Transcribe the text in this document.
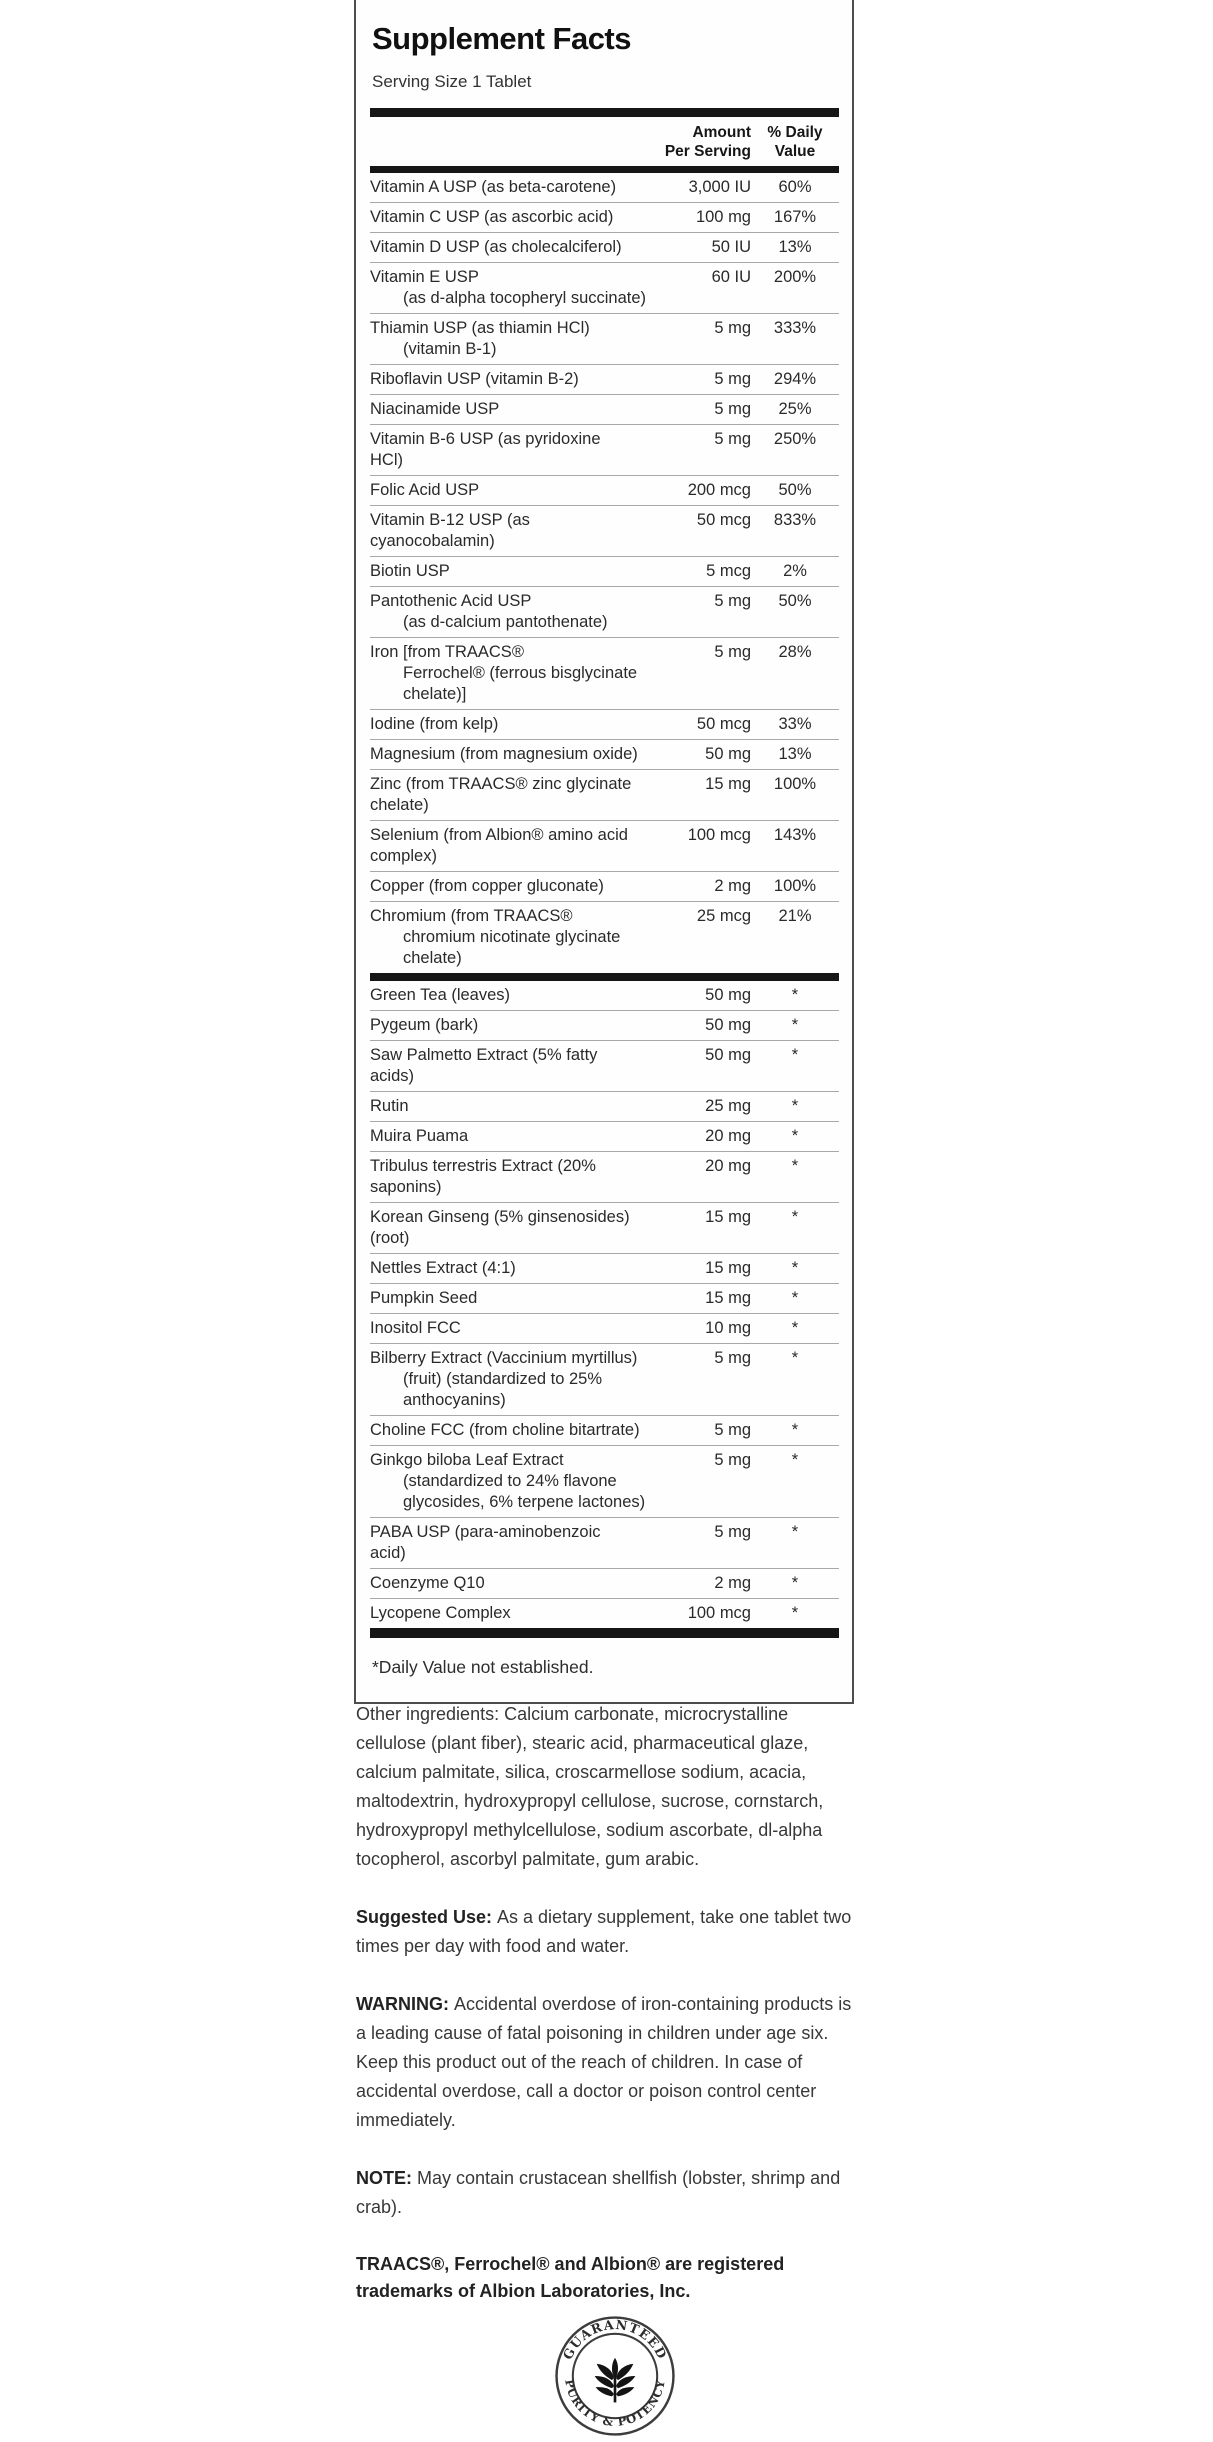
Supplement Facts
Serving Size 1 Tablet
Amount
Per Serving
% Daily
Value
Vitamin A USP (as beta-carotene)	3,000 IU	60%
Vitamin C USP (as ascorbic acid)	100 mg	167%
Vitamin D USP (as cholecalciferol)	50 IU	13%
Vitamin E USP
(as d-alpha tocopheryl succinate)
60 IU	200%
Thiamin USP (as thiamin HCl)
(vitamin B-1)
5 mg	333%
Riboflavin USP (vitamin B-2)	5 mg	294%
Niacinamide USP	5 mg	25%
Vitamin B-6 USP (as pyridoxine
HCl)
5 mg	250%
Folic Acid USP	200 mcg	50%
Vitamin B-12 USP (as
cyanocobalamin)
50 mcg	833%
Biotin USP	5 mcg	2%
Pantothenic Acid USP
(as d-calcium pantothenate)
5 mg	50%
Iron [from TRAACS®
Ferrochel® (ferrous bisglycinate
chelate)]
5 mg	28%
Iodine (from kelp)	50 mcg	33%
Magnesium (from magnesium oxide)	50 mg	13%
Zinc (from TRAACS® zinc glycinate
chelate)
15 mg	100%
Selenium (from Albion® amino acid
complex)
100 mcg	143%
Copper (from copper gluconate)	2 mg	100%
Chromium (from TRAACS®
chromium nicotinate glycinate
chelate)
25 mcg	21%
Green Tea (leaves)	50 mg	*
Pygeum (bark)	50 mg	*
Saw Palmetto Extract (5% fatty
acids)
50 mg	*
Rutin	25 mg	*
Muira Puama	20 mg	*
Tribulus terrestris Extract (20%
saponins)
20 mg	*
Korean Ginseng (5% ginsenosides)
(root)
15 mg	*
Nettles Extract (4:1)	15 mg	*
Pumpkin Seed	15 mg	*
Inositol FCC	10 mg	*
Bilberry Extract (Vaccinium myrtillus)
(fruit) (standardized to 25%
anthocyanins)
5 mg	*
Choline FCC (from choline bitartrate)	5 mg	*
Ginkgo biloba Leaf Extract
(standardized to 24% flavone
glycosides, 6% terpene lactones)
5 mg	*
PABA USP (para-aminobenzoic
acid)
5 mg	*
Coenzyme Q10	2 mg	*
Lycopene Complex	100 mcg	*
*Daily Value not established.

Other ingredients: Calcium carbonate, microcrystalline cellulose (plant fiber), stearic acid, pharmaceutical glaze, calcium palmitate, silica, croscarmellose sodium, acacia, maltodextrin, hydroxypropyl cellulose, sucrose, cornstarch, hydroxypropyl methylcellulose, sodium ascorbate, dl-alpha tocopherol, ascorbyl palmitate, gum arabic.

Suggested Use: As a dietary supplement, take one tablet two times per day with food and water.

WARNING: Accidental overdose of iron-containing products is a leading cause of fatal poisoning in children under age six. Keep this product out of the reach of children. In case of accidental overdose, call a doctor or poison control center immediately.

NOTE: May contain crustacean shellfish (lobster, shrimp and crab).

TRAACS®, Ferrochel® and Albion® are registered trademarks of Albion Laboratories, Inc.

GUARANTEED
PURITY & POTENCY
